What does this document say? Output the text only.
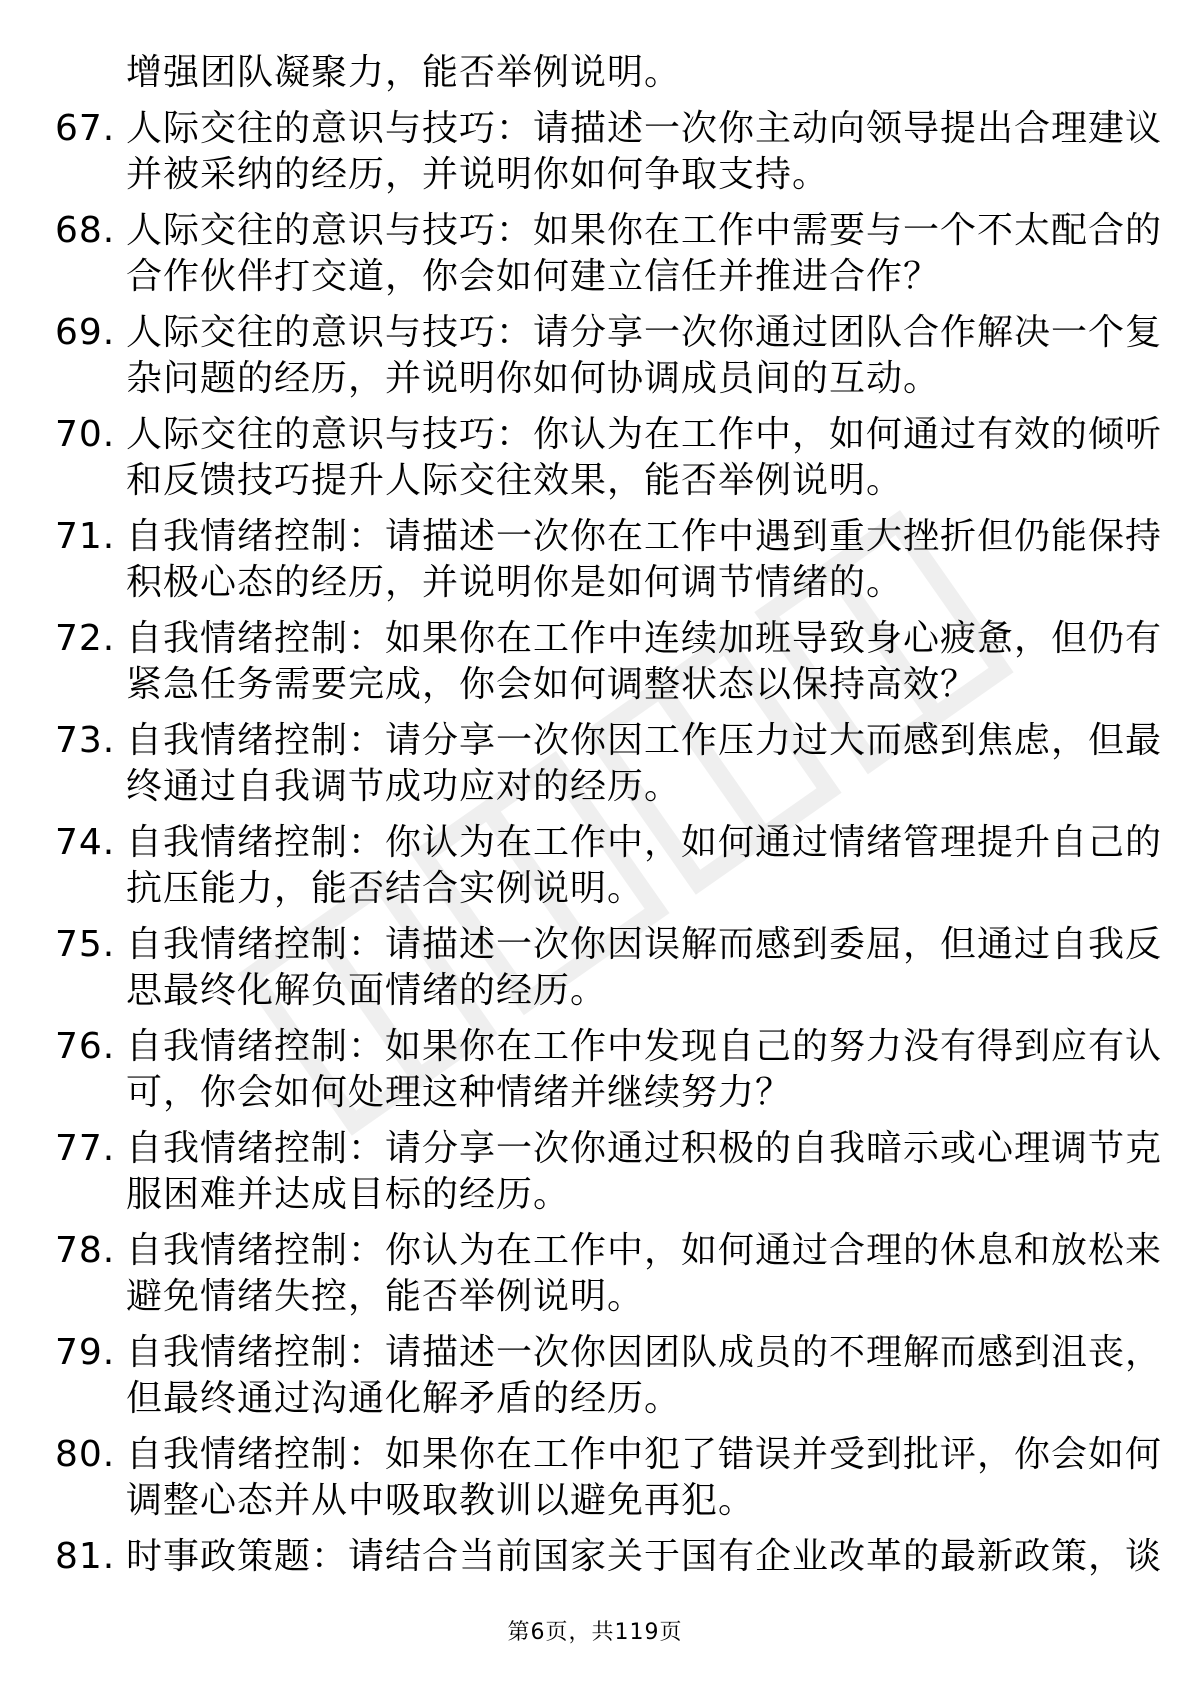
增强团队凝聚力，能否举例说明。
67. 人际交往的意识与技巧：请描述一次你主动向领导提出合理建议
并被采纳的经历，并说明你如何争取支持。
68. 人际交往的意识与技巧：如果你在工作中需要与一个不太配合的
合作伙伴打交道，你会如何建立信任并推进合作？
69. 人际交往的意识与技巧：请分享一次你通过团队合作解决一个复
杂问题的经历，并说明你如何协调成员间的互动。
70. 人际交往的意识与技巧：你认为在工作中，如何通过有效的倾听
和反馈技巧提升人际交往效果，能否举例说明。
71. 自我情绪控制：请描述一次你在工作中遇到重大挫折但仍能保持
积极心态的经历，并说明你是如何调节情绪的。
72. 自我情绪控制：如果你在工作中连续加班导致身心疲惫，但仍有
紧急任务需要完成，你会如何调整状态以保持高效？
73. 自我情绪控制：请分享一次你因工作压力过大而感到焦虑，但最
终通过自我调节成功应对的经历。
74. 自我情绪控制：你认为在工作中，如何通过情绪管理提升自己的
抗压能力，能否结合实例说明。
75. 自我情绪控制：请描述一次你因误解而感到委屈，但通过自我反
思最终化解负面情绪的经历。
76. 自我情绪控制：如果你在工作中发现自己的努力没有得到应有认
可，你会如何处理这种情绪并继续努力？
77. 自我情绪控制：请分享一次你通过积极的自我暗示或心理调节克
服困难并达成目标的经历。
78. 自我情绪控制：你认为在工作中，如何通过合理的休息和放松来
避免情绪失控，能否举例说明。
79. 自我情绪控制：请描述一次你因团队成员的不理解而感到沮丧，
但最终通过沟通化解矛盾的经历。
80. 自我情绪控制：如果你在工作中犯了错误并受到批评，你会如何
调整心态并从中吸取教训以避免再犯。
81. 时事政策题：请结合当前国家关于国有企业改革的最新政策，谈
第6页，共119页
